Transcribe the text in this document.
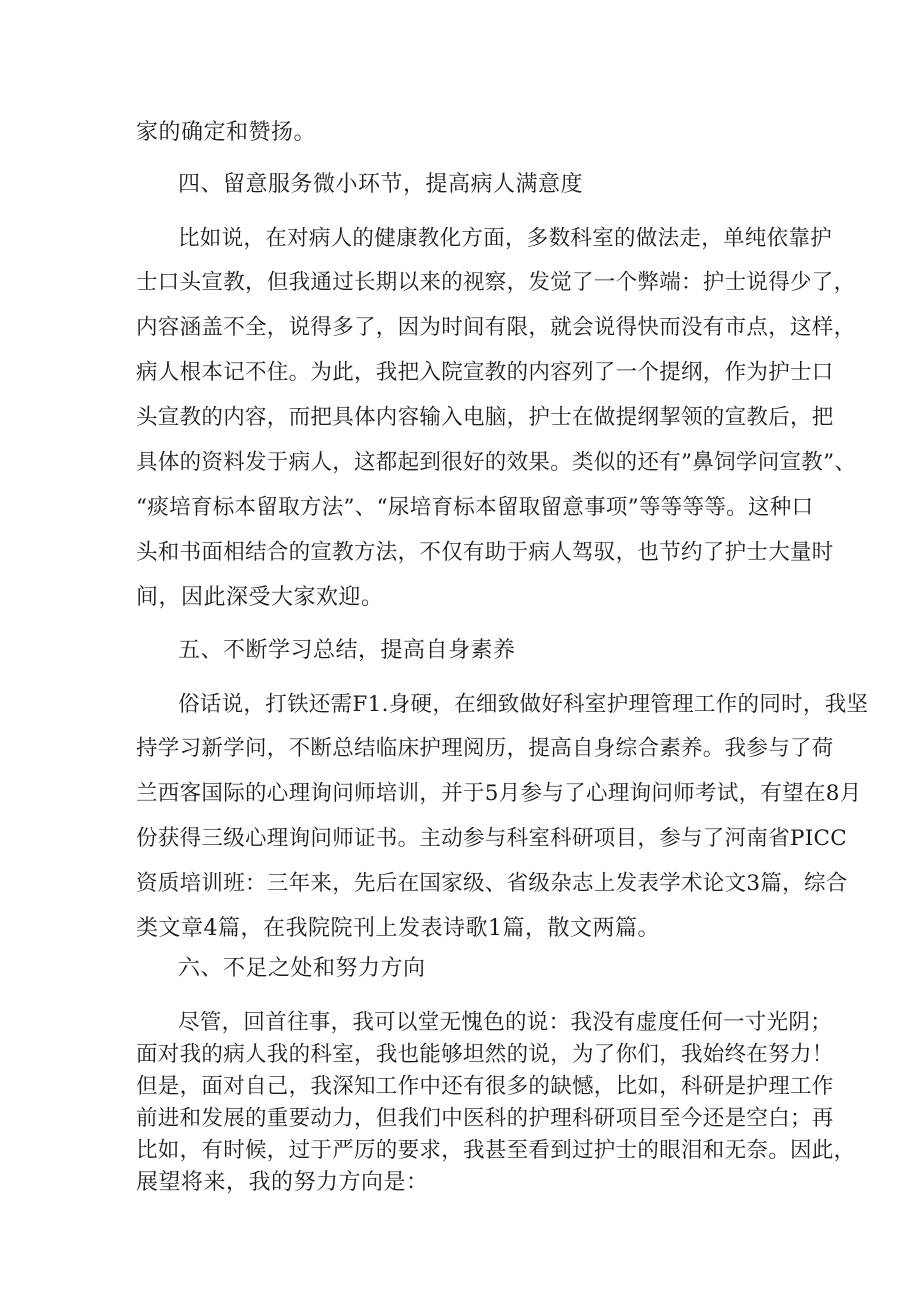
家的确定和赞扬。
四、留意服务微小环节，提高病人满意度
比如说，在对病人的健康教化方面，多数科室的做法走，单纯依靠护
士口头宣教，但我通过长期以来的视察，发觉了一个弊端：护士说得少了，
内容涵盖不全，说得多了，因为时间有限，就会说得快而没有市点，这样，
病人根本记不住。为此，我把入院宣教的内容列了一个提纲，作为护士口
头宣教的内容，而把具体内容输入电脑，护士在做提纲挈领的宣教后，把
具体的资料发于病人，这都起到很好的效果。类似的还有”鼻饲学问宣教”、
“痰培育标本留取方法”、“尿培育标本留取留意事项”等等等等。这种口
头和书面相结合的宣教方法，不仅有助于病人驾驭，也节约了护士大量时
间，因此深受大家欢迎。
五、不断学习总结，提高自身素养
俗话说，打铁还需F1.身硬，在细致做好科室护理管理工作的同时，我坚
持学习新学问，不断总结临床护理阅历，提高自身综合素养。我参与了荷
兰西客国际的心理询问师培训，并于5月参与了心理询问师考试，有望在8月
份获得三级心理询问师证书。主动参与科室科研项目，参与了河南省PICC
资质培训班：三年来，先后在国家级、省级杂志上发表学术论文3篇，综合
类文章4篇，在我院院刊上发表诗歌1篇，散文两篇。
六、不足之处和努力方向
尽管，回首往事，我可以堂无愧色的说：我没有虚度任何一寸光阴；
面对我的病人我的科室，我也能够坦然的说，为了你们，我始终在努力！
但是，面对自己，我深知工作中还有很多的缺憾，比如，科研是护理工作
前进和发展的重要动力，但我们中医科的护理科研项目至今还是空白；再
比如，有时候，过于严厉的要求，我甚至看到过护士的眼泪和无奈。因此，
展望将来，我的努力方向是：
